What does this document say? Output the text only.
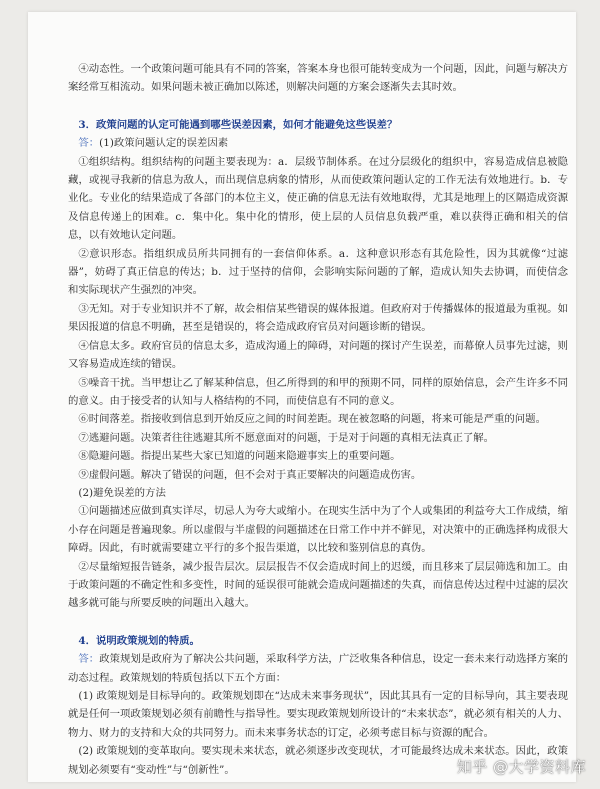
④动态性。一个政策问题可能具有不同的答案，答案本身也很可能转变成为一个问题，因此，问题与解决方案经常互相流动。如果问题未被正确加以陈述，则解决问题的方案会逐渐失去其时效。

3．政策问题的认定可能遇到哪些误差因素，如何才能避免这些误差？

答：(1)政策问题认定的误差因素

①组织结构。组织结构的问题主要表现为：a．层级节制体系。在过分层级化的组织中，容易造成信息被隐藏，或视寻我新的信息为敌人，而出现信息病象的情形，从而使政策问题认定的工作无法有效地进行。b．专业化。专业化的结果造成了各部门的本位主义，使正确的信息无法有效地取得，尤其是地理上的区隔造成资源及信息传递上的困难。c．集中化。集中化的情形，使上层的人员信息负载严重，难以获得正确和相关的信息，以有效地认定问题。

②意识形态。指组织成员所共同拥有的一套信仰体系。a．这种意识形态有其危险性，因为其就像“过滤器”，妨碍了真正信息的传达；b．过于坚持的信仰，会影响实际问题的了解，造成认知失去协调，而使信念和实际现状产生强烈的冲突。

③无知。对于专业知识并不了解，故会相信某些错误的媒体报道。但政府对于传播媒体的报道最为重视。如果因报道的信息不明确，甚至是错误的，将会造成政府官员对问题诊断的错误。

④信息太多。政府官员的信息太多，造成沟通上的障碍，对问题的探讨产生误差，而幕僚人员事先过滤，则又容易造成连续的错误。

⑤噪音干扰。当甲想让乙了解某种信息，但乙所得到的和甲的预期不同，同样的原始信息，会产生许多不同的意义。由于接受者的认知与人格结构的不同，而使信息有不同的意义。

⑥时间落差。指接收到信息到开始反应之间的时间差距。现在被忽略的问题，将来可能是严重的问题。

⑦逃避问题。决策者往往逃避其所不愿意面对的问题，于是对于问题的真相无法真正了解。

⑧隐避问题。指提出某些大家已知道的问题来隐避事实上的重要问题。

⑨虚假问题。解决了错误的问题，但不会对于真正要解决的问题造成伤害。

(2)避免误差的方法

①问题描述应做到真实详尽，切忌人为夸大或缩小。在现实生活中为了个人或集团的利益夸大工作成绩，缩小存在问题是普遍现象。所以虚假与半虚假的问题描述在日常工作中并不鲜见，对决策中的正确选择构成很大障碍。因此，有时就需要建立平行的多个报告渠道，以比较和鉴别信息的真伪。

②尽量缩短报告链条，减少报告层次。层层报告不仅会造成时间上的迟缓，而且移来了层层筛选和加工。由于政策问题的不确定性和多变性，时间的延误很可能就会造成问题描述的失真，而信息传达过程中过滤的层次越多就可能与所要反映的问题出入越大。

4．说明政策规划的特质。

答：政策规划是政府为了解决公共问题，采取科学方法，广泛收集各种信息，设定一套未来行动选择方案的动态过程。政策规划的特质包括以下五个方面：

(1) 政策规划是目标导向的。政策规划即在“达成未来事务现状”，因此其具有一定的目标导向，其主要表现就是任何一项政策规划必须有前瞻性与指导性。要实现政策规划所设计的“未来状态”，就必须有相关的人力、物力、财力的支持和大众的共同努力。而未来事务状态的订定，必须考虑目标与资源的配合。

(2) 政策规划的变革取向。要实现未来状态，就必须逐步改变现状，才可能最终达成未来状态。因此，政策规划必须要有“变动性”与“创新性”。	知乎 @大学资料库
